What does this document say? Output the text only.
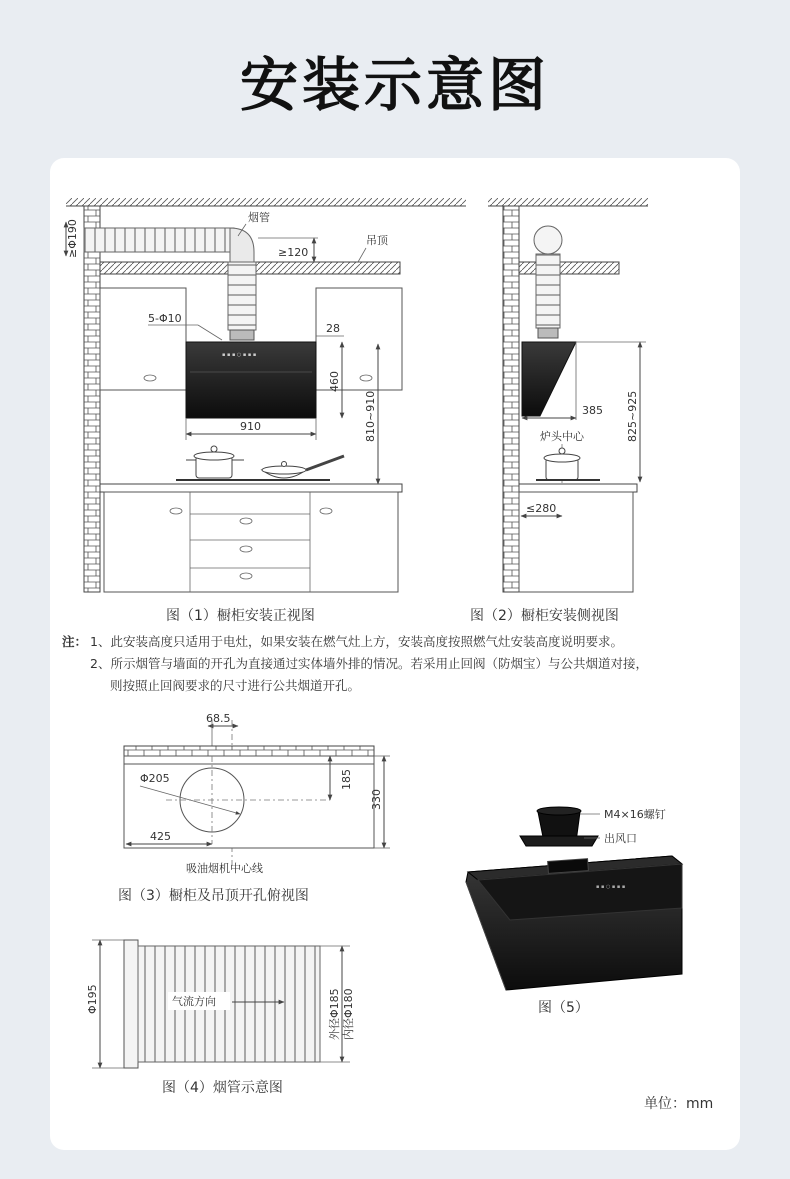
安装示意图
▪ ▪ ▪ ○ ▪ ▪ ▪
≥Φ190
烟管
≥120
吊顶
5-Φ10
28
460
910	810~910
图（1）橱柜安装正视图
385 825~925
炉头中心
≤280
图（2）橱柜安装侧视图
注： 1、此安装高度只适用于电灶，如果安装在燃气灶上方，安装高度按照燃气灶安装高度说明要求。
2、所示烟管与墙面的开孔为直接通过实体墙外排的情况。若采用止回阀（防烟宝）与公共烟道对接，
则按照止回阀要求的尺寸进行公共烟道开孔。
68.5
Φ205	185
330
425
吸油烟机中心线
图（3）橱柜及吊顶开孔俯视图
Φ195	气流方向	外径Φ185 内径Φ180
图（4）烟管示意图
M4×16螺钉
出风口
▪ ▪ ○ ▪ ▪ ▪
图（5）
单位：mm
